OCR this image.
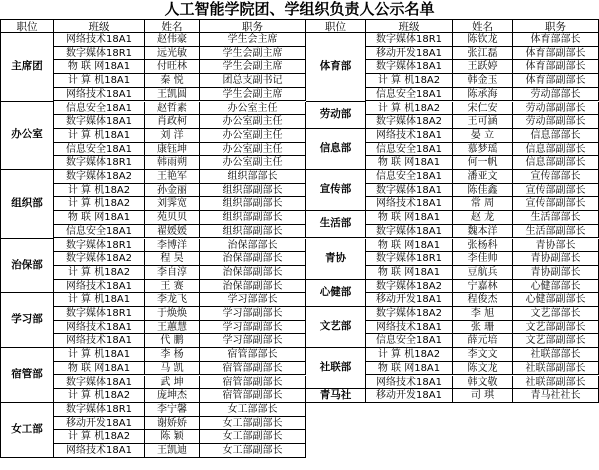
职位	班级	姓名	职务
主席团
网络技术18A1	赵伟豪	学生会主席
数字媒体18R1	远光敏	学生会副主席
物 联 网18A1	付旺林	学生会副主席
计 算 机18A1	秦 悦	团总支副书记
网络技术18A1	王凯圆	学生会副主席
办公室
信息安全18A1	赵哲素	办公室主任
数字媒体18A1	肖政柯	办公室副主任
计 算 机18A1	刘 洋	办公室副主任
信息安全18A1	康钰坤	办公室副主任
数字媒体18R1	韩雨朔	办公室副主任
组织部
数字媒体18A2	王艳军	组织部部长
计 算 机18A2	孙金丽	组织部副部长
计 算 机18A2	刘霁宽	组织部副部长
物 联 网18A1	苑贝贝	组织部副部长
信息安全18A1	翟媛媛	组织部副部长
治保部
数字媒体18R1	李博洋	治保部部长
数字媒体18A2	程 昊	治保部副部长
计 算 机18A2	李自淳	治保部副部长
网络技术18A1	王 赛	治保部副部长
学习部
计 算 机18A1	李龙飞	学习部部长
数字媒体18R1	于焕焕	学习部副部长
网络技术18A1	王蕙慧	学习部副部长
网络技术18A1	代 鹏	学习部副部长
宿管部
计 算 机18A1	李 杨	宿管部部长
物 联 网18A1	马 凯	宿管部副部长
数字媒体18A1	武 坤	宿管部副部长
计 算 机18A2	庞坤杰	宿管部副部长
女工部
数字媒体18R1	李宁馨	女工部部长
移动开发18A1	谢娇娇	女工部副部长
计 算 机18A2	陈 颖	女工部副部长
网络技术18A1	王凯迪	女工部副部长
职位	班级	姓名	职务
体育部
数字媒体18R1	陈钦龙	体育部部长
移动开发18A1	张江磊	体育部副部长
数字媒体18A1	王跃婷	体育部副部长
计 算 机18A2	韩金玉	体育部副部长
信息安全18A1	陈承海	劳动部部长
劳动部	计 算 机18A2	宋仁安	劳动部副部长
数字媒体18A2	王可涵	劳动部副部长
信息部
网络技术18A1	晏 立	信息部部长
信息安全18A1	慕梦瑶	信息部副部长
物 联 网18A1	何一帆	信息部副部长
宣传部
信息安全18A1	潘亚文	宣传部部长
数字媒体18A1	陈佳鑫	宣传部副部长
网络技术18A1	常 周	宣传部副部长
生活部	物 联 网18A1	赵 龙	生活部部长
数字媒体18A1	魏本洋	生活部副部长
青协
物 联 网18A1	张杨科	青协部长
数字媒体18R1	李佳帅	青协副部长
物 联 网18A1	豆航兵	青协副部长
心健部	数字媒体18A2	宁嘉林	心健部部长
移动开发18A1	程俊杰	心健部副部长
文艺部
数字媒体18A2	李 旭	文艺部部长
网络技术18A1	张 珊	文艺部副部长
信息安全18A1	薛元培	文艺部副部长
社联部
计 算 机18A2	李文文	社联部部长
物 联 网18A1	陈文龙	社联部副部长
网络技术18A1	韩文敬	社联部副部长
青马社	移动开发18A1	司 琪	青马社社长
人工智能学院团、学组织负责人公示名单
